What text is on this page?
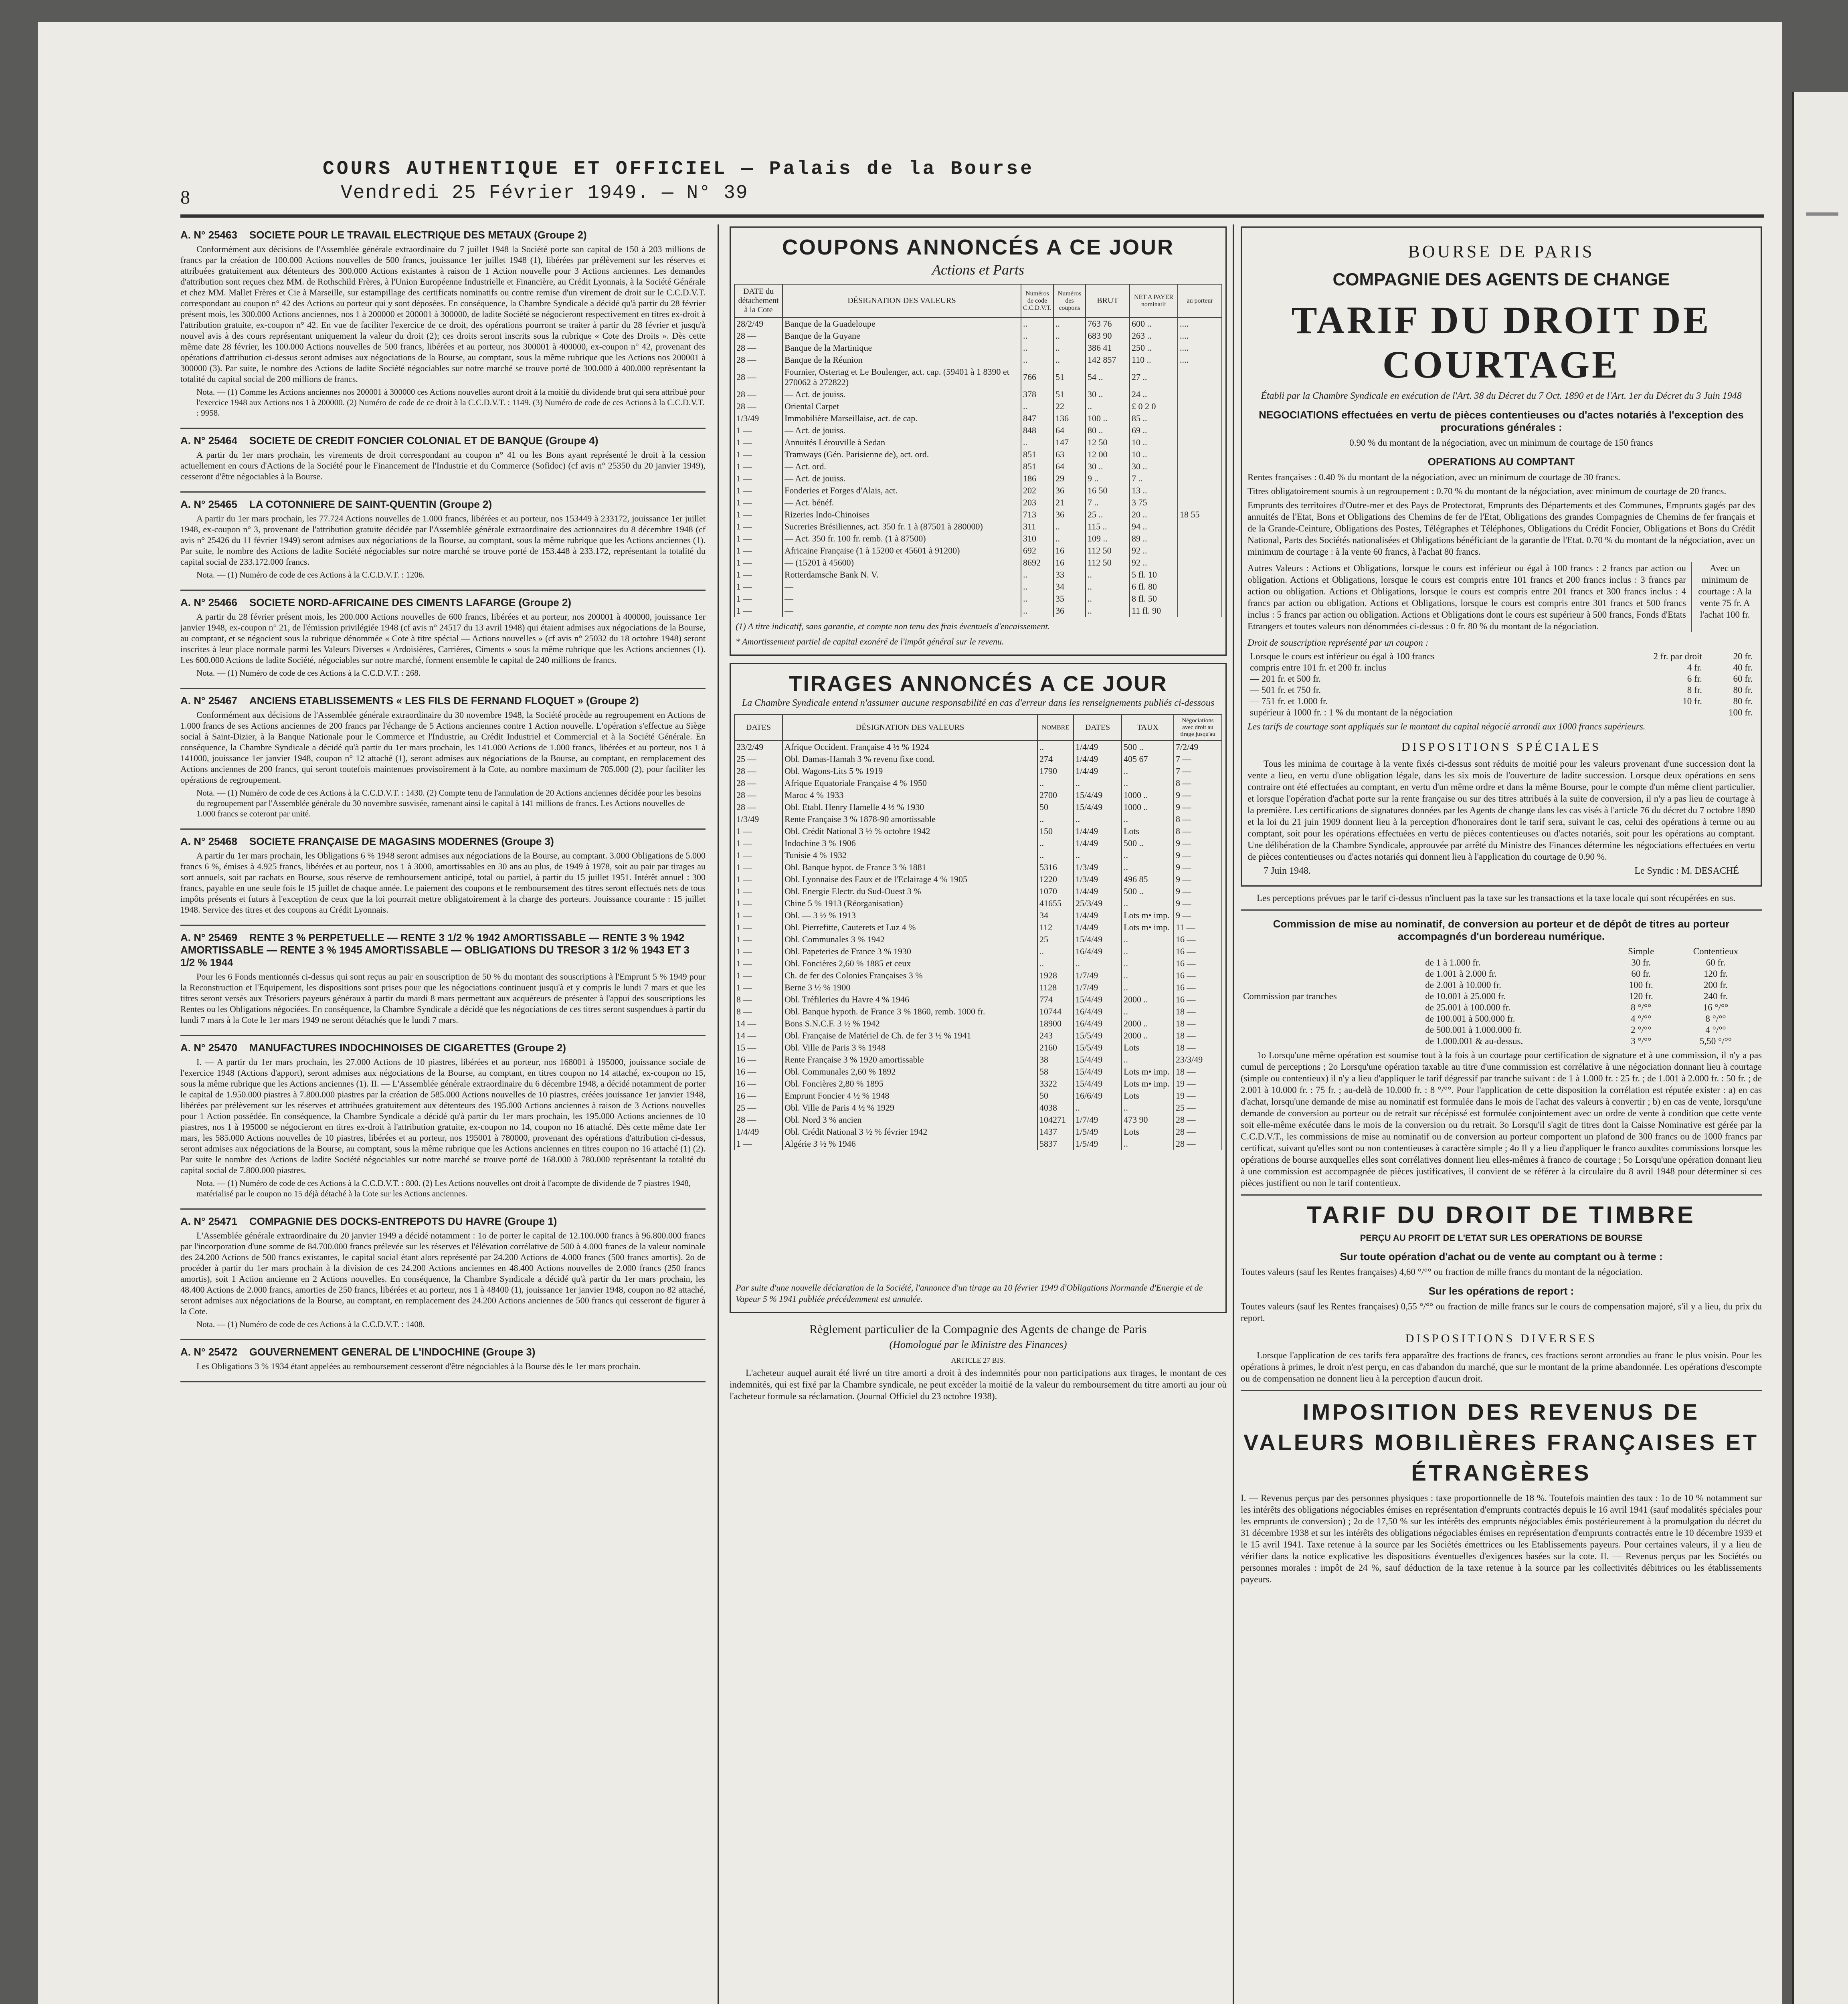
8
COURS AUTHENTIQUE ET OFFICIEL — Palais de la Bourse
Vendredi 25 Février 1949. — N° 39
A. N° 25463 SOCIETE POUR LE TRAVAIL ELECTRIQUE DES METAUX (Groupe 2)

Conformément aux décisions de l'Assemblée générale extraordinaire du 7 juillet 1948 la Société porte son capital de 150 à 203 millions de francs par la création de 100.000 Actions nouvelles de 500 francs, jouissance 1er juillet 1948 (1), libérées par prélèvement sur les réserves et attribuées gratuitement aux détenteurs des 300.000 Actions existantes à raison de 1 Action nouvelle pour 3 Actions anciennes. Les demandes d'attribution sont reçues chez MM. de Rothschild Frères, à l'Union Européenne Industrielle et Financière, au Crédit Lyonnais, à la Société Générale et chez MM. Mallet Frères et Cie à Marseille, sur estampillage des certificats nominatifs ou contre remise d'un virement de droit sur le C.C.D.V.T. correspondant au coupon n° 42 des Actions au porteur qui y sont déposées. En conséquence, la Chambre Syndicale a décidé qu'à partir du 28 février présent mois, les 300.000 Actions anciennes, nos 1 à 200000 et 200001 à 300000, de ladite Société se négocieront respectivement en titres ex-droit à l'attribution gratuite, ex-coupon n° 42. En vue de faciliter l'exercice de ce droit, des opérations pourront se traiter à partir du 28 février et jusqu'à nouvel avis à des cours représentant uniquement la valeur du droit (2); ces droits seront inscrits sous la rubrique « Cote des Droits ». Dès cette même date 28 février, les 100.000 Actions nouvelles de 500 francs, libérées et au porteur, nos 300001 à 400000, ex-coupon n° 42, provenant des opérations d'attribution ci-dessus seront admises aux négociations de la Bourse, au comptant, sous la même rubrique que les Actions nos 200001 à 300000 (3). Par suite, le nombre des Actions de ladite Société négociables sur notre marché se trouve porté de 300.000 à 400.000 représentant la totalité du capital social de 200 millions de francs.

Nota. — (1) Comme les Actions anciennes nos 200001 à 300000 ces Actions nouvelles auront droit à la moitié du dividende brut qui sera attribué pour l'exercice 1948 aux Actions nos 1 à 200000. (2) Numéro de code de ce droit à la C.C.D.V.T. : 1149. (3) Numéro de code de ces Actions à la C.C.D.V.T. : 9958.
A. N° 25464 SOCIETE DE CREDIT FONCIER COLONIAL ET DE BANQUE (Groupe 4)

A partir du 1er mars prochain, les virements de droit correspondant au coupon n° 41 ou les Bons ayant représenté le droit à la cession actuellement en cours d'Actions de la Société pour le Financement de l'Industrie et du Commerce (Sofidoc) (cf avis n° 25350 du 20 janvier 1949), cesseront d'être négociables à la Bourse.

A. N° 25465 LA COTONNIERE DE SAINT-QUENTIN (Groupe 2)

A partir du 1er mars prochain, les 77.724 Actions nouvelles de 1.000 francs, libérées et au porteur, nos 153449 à 233172, jouissance 1er juillet 1948, ex-coupon n° 3, provenant de l'attribution gratuite décidée par l'Assemblée générale extraordinaire des actionnaires du 8 décembre 1948 (cf avis n° 25426 du 11 février 1949) seront admises aux négociations de la Bourse, au comptant, sous la même rubrique que les Actions anciennes (1). Par suite, le nombre des Actions de ladite Société négociables sur notre marché se trouve porté de 153.448 à 233.172, représentant la totalité du capital social de 233.172.000 francs.

Nota. — (1) Numéro de code de ces Actions à la C.C.D.V.T. : 1206.
A. N° 25466 SOCIETE NORD-AFRICAINE DES CIMENTS LAFARGE (Groupe 2)

A partir du 28 février présent mois, les 200.000 Actions nouvelles de 600 francs, libérées et au porteur, nos 200001 à 400000, jouissance 1er janvier 1948, ex-coupon n° 21, de l'émission privilégiée 1948 (cf avis n° 24517 du 13 avril 1948) qui étaient admises aux négociations de la Bourse, au comptant, et se négocient sous la rubrique dénommée « Cote à titre spécial — Actions nouvelles » (cf avis n° 25032 du 18 octobre 1948) seront inscrites à leur place normale parmi les Valeurs Diverses « Ardoisières, Carrières, Ciments » sous la même rubrique que les Actions anciennes (1). Les 600.000 Actions de ladite Société, négociables sur notre marché, forment ensemble le capital de 240 millions de francs.

Nota. — (1) Numéro de code de ces Actions à la C.C.D.V.T. : 268.
A. N° 25467 ANCIENS ETABLISSEMENTS « LES FILS DE FERNAND FLOQUET » (Groupe 2)

Conformément aux décisions de l'Assemblée générale extraordinaire du 30 novembre 1948, la Société procède au regroupement en Actions de 1.000 francs de ses Actions anciennes de 200 francs par l'échange de 5 Actions anciennes contre 1 Action nouvelle. L'opération s'effectue au Siège social à Saint-Dizier, à la Banque Nationale pour le Commerce et l'Industrie, au Crédit Industriel et Commercial et à la Société Générale. En conséquence, la Chambre Syndicale a décidé qu'à partir du 1er mars prochain, les 141.000 Actions de 1.000 francs, libérées et au porteur, nos 1 à 141000, jouissance 1er janvier 1948, coupon n° 12 attaché (1), seront admises aux négociations de la Bourse, au comptant, en remplacement des Actions anciennes de 200 francs, qui seront toutefois maintenues provisoirement à la Cote, au nombre maximum de 705.000 (2), pour faciliter les opérations de regroupement.

Nota. — (1) Numéro de code de ces Actions à la C.C.D.V.T. : 1430. (2) Compte tenu de l'annulation de 20 Actions anciennes décidée pour les besoins du regroupement par l'Assemblée générale du 30 novembre susvisée, ramenant ainsi le capital à 141 millions de francs. Les Actions nouvelles de 1.000 francs se coteront par unité.
A. N° 25468 SOCIETE FRANÇAISE DE MAGASINS MODERNES (Groupe 3)

A partir du 1er mars prochain, les Obligations 6 % 1948 seront admises aux négociations de la Bourse, au comptant. 3.000 Obligations de 5.000 francs 6 %, émises à 4.925 francs, libérées et au porteur, nos 1 à 3000, amortissables en 30 ans au plus, de 1949 à 1978, soit au pair par tirages au sort annuels, soit par rachats en Bourse, sous réserve de remboursement anticipé, total ou partiel, à partir du 15 juillet 1951. Intérêt annuel : 300 francs, payable en une seule fois le 15 juillet de chaque année. Le paiement des coupons et le remboursement des titres seront effectués nets de tous impôts présents et futurs à l'exception de ceux que la loi pourrait mettre obligatoirement à la charge des porteurs. Jouissance courante : 15 juillet 1948. Service des titres et des coupons au Crédit Lyonnais.

A. N° 25469 RENTE 3 % PERPETUELLE — RENTE 3 1/2 % 1942 AMORTISSABLE — RENTE 3 % 1942 AMORTISSABLE — RENTE 3 % 1945 AMORTISSABLE — OBLIGATIONS DU TRESOR 3 1/2 % 1943 ET 3 1/2 % 1944

Pour les 6 Fonds mentionnés ci-dessus qui sont reçus au pair en souscription de 50 % du montant des souscriptions à l'Emprunt 5 % 1949 pour la Reconstruction et l'Equipement, les dispositions sont prises pour que les négociations continuent jusqu'à et y compris le lundi 7 mars et que les titres seront versés aux Trésoriers payeurs généraux à partir du mardi 8 mars permettant aux acquéreurs de présenter à l'appui des souscriptions les Rentes ou les Obligations négociées. En conséquence, la Chambre Syndicale a décidé que les négociations de ces titres seront suspendues à partir du lundi 7 mars à la Cote le 1er mars 1949 ne seront détachés que le lundi 7 mars.

A. N° 25470 MANUFACTURES INDOCHINOISES DE CIGARETTES (Groupe 2)

I. — A partir du 1er mars prochain, les 27.000 Actions de 10 piastres, libérées et au porteur, nos 168001 à 195000, jouissance sociale de l'exercice 1948 (Actions d'apport), seront admises aux négociations de la Bourse, au comptant, en titres coupon no 14 attaché, ex-coupon no 15, sous la même rubrique que les Actions anciennes (1). II. — L'Assemblée générale extraordinaire du 6 décembre 1948, a décidé notamment de porter le capital de 1.950.000 piastres à 7.800.000 piastres par la création de 585.000 Actions nouvelles de 10 piastres, créées jouissance 1er janvier 1948, libérées par prélèvement sur les réserves et attribuées gratuitement aux détenteurs des 195.000 Actions anciennes à raison de 3 Actions nouvelles pour 1 Action possédée. En conséquence, la Chambre Syndicale a décidé qu'à partir du 1er mars prochain, les 195.000 Actions anciennes de 10 piastres, nos 1 à 195000 se négocieront en titres ex-droit à l'attribution gratuite, ex-coupon no 14, coupon no 16 attaché. Dès cette même date 1er mars, les 585.000 Actions nouvelles de 10 piastres, libérées et au porteur, nos 195001 à 780000, provenant des opérations d'attribution ci-dessus, seront admises aux négociations de la Bourse, au comptant, sous la même rubrique que les Actions anciennes en titres coupon no 16 attaché (1) (2). Par suite le nombre des Actions de ladite Société négociables sur notre marché se trouve porté de 168.000 à 780.000 représentant la totalité du capital social de 7.800.000 piastres.

Nota. — (1) Numéro de code de ces Actions à la C.C.D.V.T. : 800. (2) Les Actions nouvelles ont droit à l'acompte de dividende de 7 piastres 1948, matérialisé par le coupon no 15 déjà détaché à la Cote sur les Actions anciennes.
A. N° 25471 COMPAGNIE DES DOCKS-ENTREPOTS DU HAVRE (Groupe 1)

L'Assemblée générale extraordinaire du 20 janvier 1949 a décidé notamment : 1o de porter le capital de 12.100.000 francs à 96.800.000 francs par l'incorporation d'une somme de 84.700.000 francs prélevée sur les réserves et l'élévation corrélative de 500 à 4.000 francs de la valeur nominale des 24.200 Actions de 500 francs existantes, le capital social étant alors représenté par 24.200 Actions de 4.000 francs (500 francs amortis). 2o de procéder à partir du 1er mars prochain à la division de ces 24.200 Actions anciennes en 48.400 Actions nouvelles de 2.000 francs (250 francs amortis), soit 1 Action ancienne en 2 Actions nouvelles. En conséquence, la Chambre Syndicale a décidé qu'à partir du 1er mars prochain, les 48.400 Actions de 2.000 francs, amorties de 250 francs, libérées et au porteur, nos 1 à 48400 (1), jouissance 1er janvier 1948, coupon no 82 attaché, seront admises aux négociations de la Bourse, au comptant, en remplacement des 24.200 Actions anciennes de 500 francs qui cesseront de figurer à la Cote.

Nota. — (1) Numéro de code de ces Actions à la C.C.D.V.T. : 1408.
A. N° 25472 GOUVERNEMENT GENERAL DE L'INDOCHINE (Groupe 3)

Les Obligations 3 % 1934 étant appelées au remboursement cesseront d'être négociables à la Bourse dès le 1er mars prochain.

COUPONS ANNONCÉS A CE JOUR
Actions et Parts
DATE du détachement à la Cote	DÉSIGNATION DES VALEURS	Numéros de code C.C.D.V.T.	Numéros des coupons	BRUT	NET A PAYER nominatif	au porteur
28/2/49	Banque de la Guadeloupe	..	..	763 76	600 ..	....
28 —	Banque de la Guyane	..	..	683 90	263 ..	....
28 —	Banque de la Martinique	..	..	386 41	250 ..	....
28 —	Banque de la Réunion	..	..	142 857	110 ..	....
28 —	Fournier, Ostertag et Le Boulenger, act. cap. (59401 à 1 8390 et 270062 à 272822)	766	51	54 ..	27 ..	
28 —	— Act. de jouiss.	378	51	30 ..	24 ..	
28 —	Oriental Carpet	..	22	..	£ 0 2 0	
1/3/49	Immobilière Marseillaise, act. de cap.	847	136	100 ..	85 ..	
1 —	— Act. de jouiss.	848	64	80 ..	69 ..	
1 —	Annuités Lérouville à Sedan	..	147	12 50	10 ..	
1 —	Tramways (Gén. Parisienne de), act. ord.	851	63	12 00	10 ..	
1 —	— Act. ord.	851	64	30 ..	30 ..	
1 —	— Act. de jouiss.	186	29	9 ..	7 ..	
1 —	Fonderies et Forges d'Alais, act.	202	36	16 50	13 ..	
1 —	— Act. bénéf.	203	21	7 ..	3 75	
1 —	Rizeries Indo-Chinoises	713	36	25 ..	20 ..	18 55
1 —	Sucreries Brésiliennes, act. 350 fr. 1 à (87501 à 280000)	311	..	115 ..	94 ..	
1 —	— Act. 350 fr. 100 fr. remb. (1 à 87500)	310	..	109 ..	89 ..	
1 —	Africaine Française (1 à 15200 et 45601 à 91200)	692	16	112 50	92 ..	
1 —	— (15201 à 45600)	8692	16	112 50	92 ..	
1 —	Rotterdamsche Bank N. V.	..	33	..	5 fl. 10	
1 —	—	..	34	..	6 fl. 80	
1 —	—	..	35	..	8 fl. 50	
1 —	—	..	36	..	11 fl. 90	
(1) A titre indicatif, sans garantie, et compte non tenu des frais éventuels d'encaissement.
* Amortissement partiel de capital exonéré de l'impôt général sur le revenu.
TIRAGES ANNONCÉS A CE JOUR
La Chambre Syndicale entend n'assumer aucune responsabilité en cas d'erreur dans les renseignements publiés ci-dessous
DATES	DÉSIGNATION DES VALEURS	NOMBRE	DATES	TAUX	Négociations avec droit au tirage jusqu'au
23/2/49	Afrique Occident. Française 4 ½ % 1924	..	1/4/49	500 ..	7/2/49
25 —	Obl. Damas-Hamah 3 % revenu fixe cond.	274	1/4/49	405 67	7 —
28 —	Obl. Wagons-Lits 5 % 1919	1790	1/4/49	..	7 —
28 —	Afrique Equatoriale Française 4 % 1950	..	..	..	8 —
28 —	Maroc 4 % 1933	2700	15/4/49	1000 ..	9 —
28 —	Obl. Etabl. Henry Hamelle 4 ½ % 1930	50	15/4/49	1000 ..	9 —
1/3/49	Rente Française 3 % 1878-90 amortissable	..	..	..	8 —
1 —	Obl. Crédit National 3 ½ % octobre 1942	150	1/4/49	Lots	8 —
1 —	Indochine 3 % 1906	..	1/4/49	500 ..	9 —
1 —	Tunisie 4 % 1932	..	..	..	9 —
1 —	Obl. Banque hypot. de France 3 % 1881	5316	1/3/49	..	9 —
1 —	Obl. Lyonnaise des Eaux et de l'Eclairage 4 % 1905	1220	1/3/49	496 85	9 —
1 —	Obl. Energie Electr. du Sud-Ouest 3 %	1070	1/4/49	500 ..	9 —
1 —	Chine 5 % 1913 (Réorganisation)	41655	25/3/49	..	9 —
1 —	Obl. — 3 ½ % 1913	34	1/4/49	Lots m• imp.	9 —
1 —	Obl. Pierrefitte, Cauterets et Luz 4 %	112	1/4/49	Lots m• imp.	11 —
1 —	Obl. Communales 3 % 1942	25	15/4/49	..	16 —
1 —	Obl. Papeteries de France 3 % 1930	..	16/4/49	..	16 —
1 —	Obl. Foncières 2,60 % 1885 et ceux	..	..	..	16 —
1 —	Ch. de fer des Colonies Françaises 3 %	1928	1/7/49	..	16 —
1 —	Berne 3 ½ % 1900	1128	1/7/49	..	16 —
8 —	Obl. Tréfileries du Havre 4 % 1946	774	15/4/49	2000 ..	16 —
8 —	Obl. Banque hypoth. de France 3 % 1860, remb. 1000 fr.	10744	16/4/49	..	18 —
14 —	Bons S.N.C.F. 3 ½ % 1942	18900	16/4/49	2000 ..	18 —
14 —	Obl. Française de Matériel de Ch. de fer 3 ½ % 1941	243	15/5/49	2000 ..	18 —
15 —	Obl. Ville de Paris 3 % 1948	2160	15/5/49	Lots	18 —
16 —	Rente Française 3 % 1920 amortissable	38	15/4/49	..	23/3/49
16 —	Obl. Communales 2,60 % 1892	58	15/4/49	Lots m• imp.	18 —
16 —	Obl. Foncières 2,80 % 1895	3322	15/4/49	Lots m• imp.	19 —
16 —	Emprunt Foncier 4 ½ % 1948	50	16/6/49	Lots	19 —
25 —	Obl. Ville de Paris 4 ½ % 1929	4038	..	..	25 —
28 —	Obl. Nord 3 % ancien	104271	1/7/49	473 90	28 —
1/4/49	Obl. Crédit National 3 ½ % février 1942	1437	1/5/49	Lots	28 —
1 —	Algérie 3 ½ % 1946	5837	1/5/49	..	28 —
Par suite d'une nouvelle déclaration de la Société, l'annonce d'un tirage au 10 février 1949 d'Obligations Normande d'Energie et de Vapeur 5 % 1941 publiée précédemment est annulée.
Règlement particulier de la Compagnie des Agents de change de Paris
(Homologué par le Ministre des Finances)
ARTICLE 27 BIS.
L'acheteur auquel aurait été livré un titre amorti a droit à des indemnités pour non participations aux tirages, le montant de ces indemnités, qui est fixé par la Chambre syndicale, ne peut excéder la moitié de la valeur du remboursement du titre amorti au jour où l'acheteur formule sa réclamation. (Journal Officiel du 23 octobre 1938).
BOURSE DE PARIS
COMPAGNIE DES AGENTS DE CHANGE
TARIF DU DROIT DE COURTAGE
Établi par la Chambre Syndicale en exécution de l'Art. 38 du Décret du 7 Oct. 1890 et de l'Art. 1er du Décret du 3 Juin 1948
NEGOCIATIONS effectuées en vertu de pièces contentieuses ou d'actes notariés à l'exception des procurations générales :
0.90 % du montant de la négociation, avec un minimum de courtage de 150 francs
OPERATIONS AU COMPTANT
Rentes françaises : 0.40 % du montant de la négociation, avec un minimum de courtage de 30 francs.
Titres obligatoirement soumis à un regroupement : 0.70 % du montant de la négociation, avec minimum de courtage de 20 francs.
Emprunts des territoires d'Outre-mer et des Pays de Protectorat, Emprunts des Départements et des Communes, Emprunts gagés par des annuités de l'Etat, Bons et Obligations des Chemins de fer de l'Etat, Obligations des grandes Compagnies de Chemins de fer français et de la Grande-Ceinture, Obligations des Postes, Télégraphes et Téléphones, Obligations du Crédit Foncier, Obligations et Bons du Crédit National, Parts des Sociétés nationalisées et Obligations bénéficiant de la garantie de l'Etat. 0.70 % du montant de la négociation, avec un minimum de courtage : à la vente 60 francs, à l'achat 80 francs.
Autres Valeurs : Actions et Obligations, lorsque le cours est inférieur ou égal à 100 francs : 2 francs par action ou obligation. Actions et Obligations, lorsque le cours est compris entre 101 francs et 200 francs inclus : 3 francs par action ou obligation. Actions et Obligations, lorsque le cours est compris entre 201 francs et 300 francs inclus : 4 francs par action ou obligation. Actions et Obligations, lorsque le cours est compris entre 301 francs et 500 francs inclus : 5 francs par action ou obligation. Actions et Obligations dont le cours est supérieur à 500 francs, Fonds d'Etats Etrangers et toutes valeurs non dénommées ci-dessus : 0 fr. 80 % du montant de la négociation.
Avec un minimum de courtage : A la vente 75 fr. A l'achat 100 fr.
Droit de souscription représenté par un coupon :
Lorsque le cours est inférieur ou égal à 100 francs	2 fr. par droit	20 fr.
compris entre 101 fr. et 200 fr. inclus	4 fr.	40 fr.
— 201 fr. et 500 fr.	6 fr.	60 fr.
— 501 fr. et 750 fr.	8 fr.	80 fr.
— 751 fr. et 1.000 fr.	10 fr.	80 fr.
supérieur à 1000 fr. : 1 % du montant de la négociation		100 fr.
Les tarifs de courtage sont appliqués sur le montant du capital négocié arrondi aux 1000 francs supérieurs.
DISPOSITIONS SPÉCIALES
Tous les minima de courtage à la vente fixés ci-dessus sont réduits de moitié pour les valeurs provenant d'une succession dont la vente a lieu, en vertu d'une obligation légale, dans les six mois de l'ouverture de ladite succession. Lorsque deux opérations en sens contraire ont été effectuées au comptant, en vertu d'un même ordre et dans la même Bourse, pour le compte d'un même client particulier, et lorsque l'opération d'achat porte sur la rente française ou sur des titres attribués à la suite de conversion, il n'y a pas lieu de courtage à la première. Les certifications de signatures données par les Agents de change dans les cas visés à l'article 76 du décret du 7 octobre 1890 et la loi du 21 juin 1909 donnent lieu à la perception d'honoraires dont le tarif sera, suivant le cas, celui des opérations à terme ou au comptant, soit pour les opérations effectuées en vertu de pièces contentieuses ou d'actes notariés, soit pour les opérations au comptant. Une délibération de la Chambre Syndicale, approuvée par arrêté du Ministre des Finances détermine les négociations effectuées en vertu de pièces contentieuses ou d'actes notariés qui donnent lieu à l'application du courtage de 0.90 %.
7 Juin 1948.	Le Syndic : M. DESACHÉ
Les perceptions prévues par le tarif ci-dessus n'incluent pas la taxe sur les transactions et la taxe locale qui sont récupérées en sus.
Commission de mise au nominatif, de conversion au porteur et de dépôt de titres au porteur accompagnés d'un bordereau numérique.
		Simple	Contentieux
	de 1 à 1.000 fr.	30 fr.	60 fr.
	de 1.001 à 2.000 fr.	60 fr.	120 fr.
	de 2.001 à 10.000 fr.	100 fr.	200 fr.
Commission par tranches	de 10.001 à 25.000 fr.	120 fr.	240 fr.
	de 25.001 à 100.000 fr.	8 °/°°	16 °/°°
	de 100.001 à 500.000 fr.	4 °/°°	8 °/°°
	de 500.001 à 1.000.000 fr.	2 °/°°	4 °/°°
	de 1.000.001 & au-dessus.	3 °/°°	5,50 °/°°
1o Lorsqu'une même opération est soumise tout à la fois à un courtage pour certification de signature et à une commission, il n'y a pas cumul de perceptions ; 2o Lorsqu'une opération taxable au titre d'une commission est corrélative à une négociation donnant lieu à courtage (simple ou contentieux) il n'y a lieu d'appliquer le tarif dégressif par tranche suivant : de 1 à 1.000 fr. : 25 fr. ; de 1.001 à 2.000 fr. : 50 fr. ; de 2.001 à 10.000 fr. : 75 fr. ; au-delà de 10.000 fr. : 8 °/°°. Pour l'application de cette disposition la corrélation est réputée exister : a) en cas d'achat, lorsqu'une demande de mise au nominatif est formulée dans le mois de l'achat des valeurs à convertir ; b) en cas de vente, lorsqu'une demande de conversion au porteur ou de retrait sur récépissé est formulée conjointement avec un ordre de vente à condition que cette vente soit elle-même exécutée dans le mois de la conversion ou du retrait. 3o Lorsqu'il s'agit de titres dont la Caisse Nominative est gérée par la C.C.D.V.T., les commissions de mise au nominatif ou de conversion au porteur comportent un plafond de 300 francs ou de 1000 francs par certificat, suivant qu'elles sont ou non contentieuses à caractère simple ; 4o Il y a lieu d'appliquer le franco auxdites commissions lorsque les opérations de bourse auxquelles elles sont corrélatives donnent lieu elles-mêmes à franco de courtage ; 5o Lorsqu'une opération donnant lieu à une commission est accompagnée de pièces justificatives, il convient de se référer à la circulaire du 8 avril 1948 pour déterminer si ces pièces justifient ou non le tarif contentieux.
TARIF DU DROIT DE TIMBRE
PERÇU AU PROFIT DE L'ETAT SUR LES OPERATIONS DE BOURSE
Sur toute opération d'achat ou de vente au comptant ou à terme :
Toutes valeurs (sauf les Rentes françaises) 4,60 °/°° ou fraction de mille francs du montant de la négociation.
Sur les opérations de report :
Toutes valeurs (sauf les Rentes françaises) 0,55 °/°° ou fraction de mille francs sur le cours de compensation majoré, s'il y a lieu, du prix du report.
DISPOSITIONS DIVERSES
Lorsque l'application de ces tarifs fera apparaître des fractions de francs, ces fractions seront arrondies au franc le plus voisin. Pour les opérations à primes, le droit n'est perçu, en cas d'abandon du marché, que sur le montant de la prime abandonnée. Les opérations d'escompte ou de compensation ne donnent lieu à la perception d'aucun droit.
IMPOSITION DES REVENUS DE VALEURS MOBILIÈRES FRANÇAISES ET ÉTRANGÈRES
I. — Revenus perçus par des personnes physiques : taxe proportionnelle de 18 %. Toutefois maintien des taux : 1o de 10 % notamment sur les intérêts des obligations négociables émises en représentation d'emprunts contractés depuis le 16 avril 1941 (sauf modalités spéciales pour les emprunts de conversion) ; 2o de 17,50 % sur les intérêts des emprunts négociables émis postérieurement à la promulgation du décret du 31 décembre 1938 et sur les intérêts des obligations négociables émises en représentation d'emprunts contractés entre le 10 décembre 1939 et le 15 avril 1941. Taxe retenue à la source par les Sociétés émettrices ou les Etablissements payeurs. Pour certaines valeurs, il y a lieu de vérifier dans la notice explicative les dispositions éventuelles d'exigences basées sur la cote. II. — Revenus perçus par les Sociétés ou personnes morales : impôt de 24 %, sauf déduction de la taxe retenue à la source par les collectivités débitrices ou les établissements payeurs.
